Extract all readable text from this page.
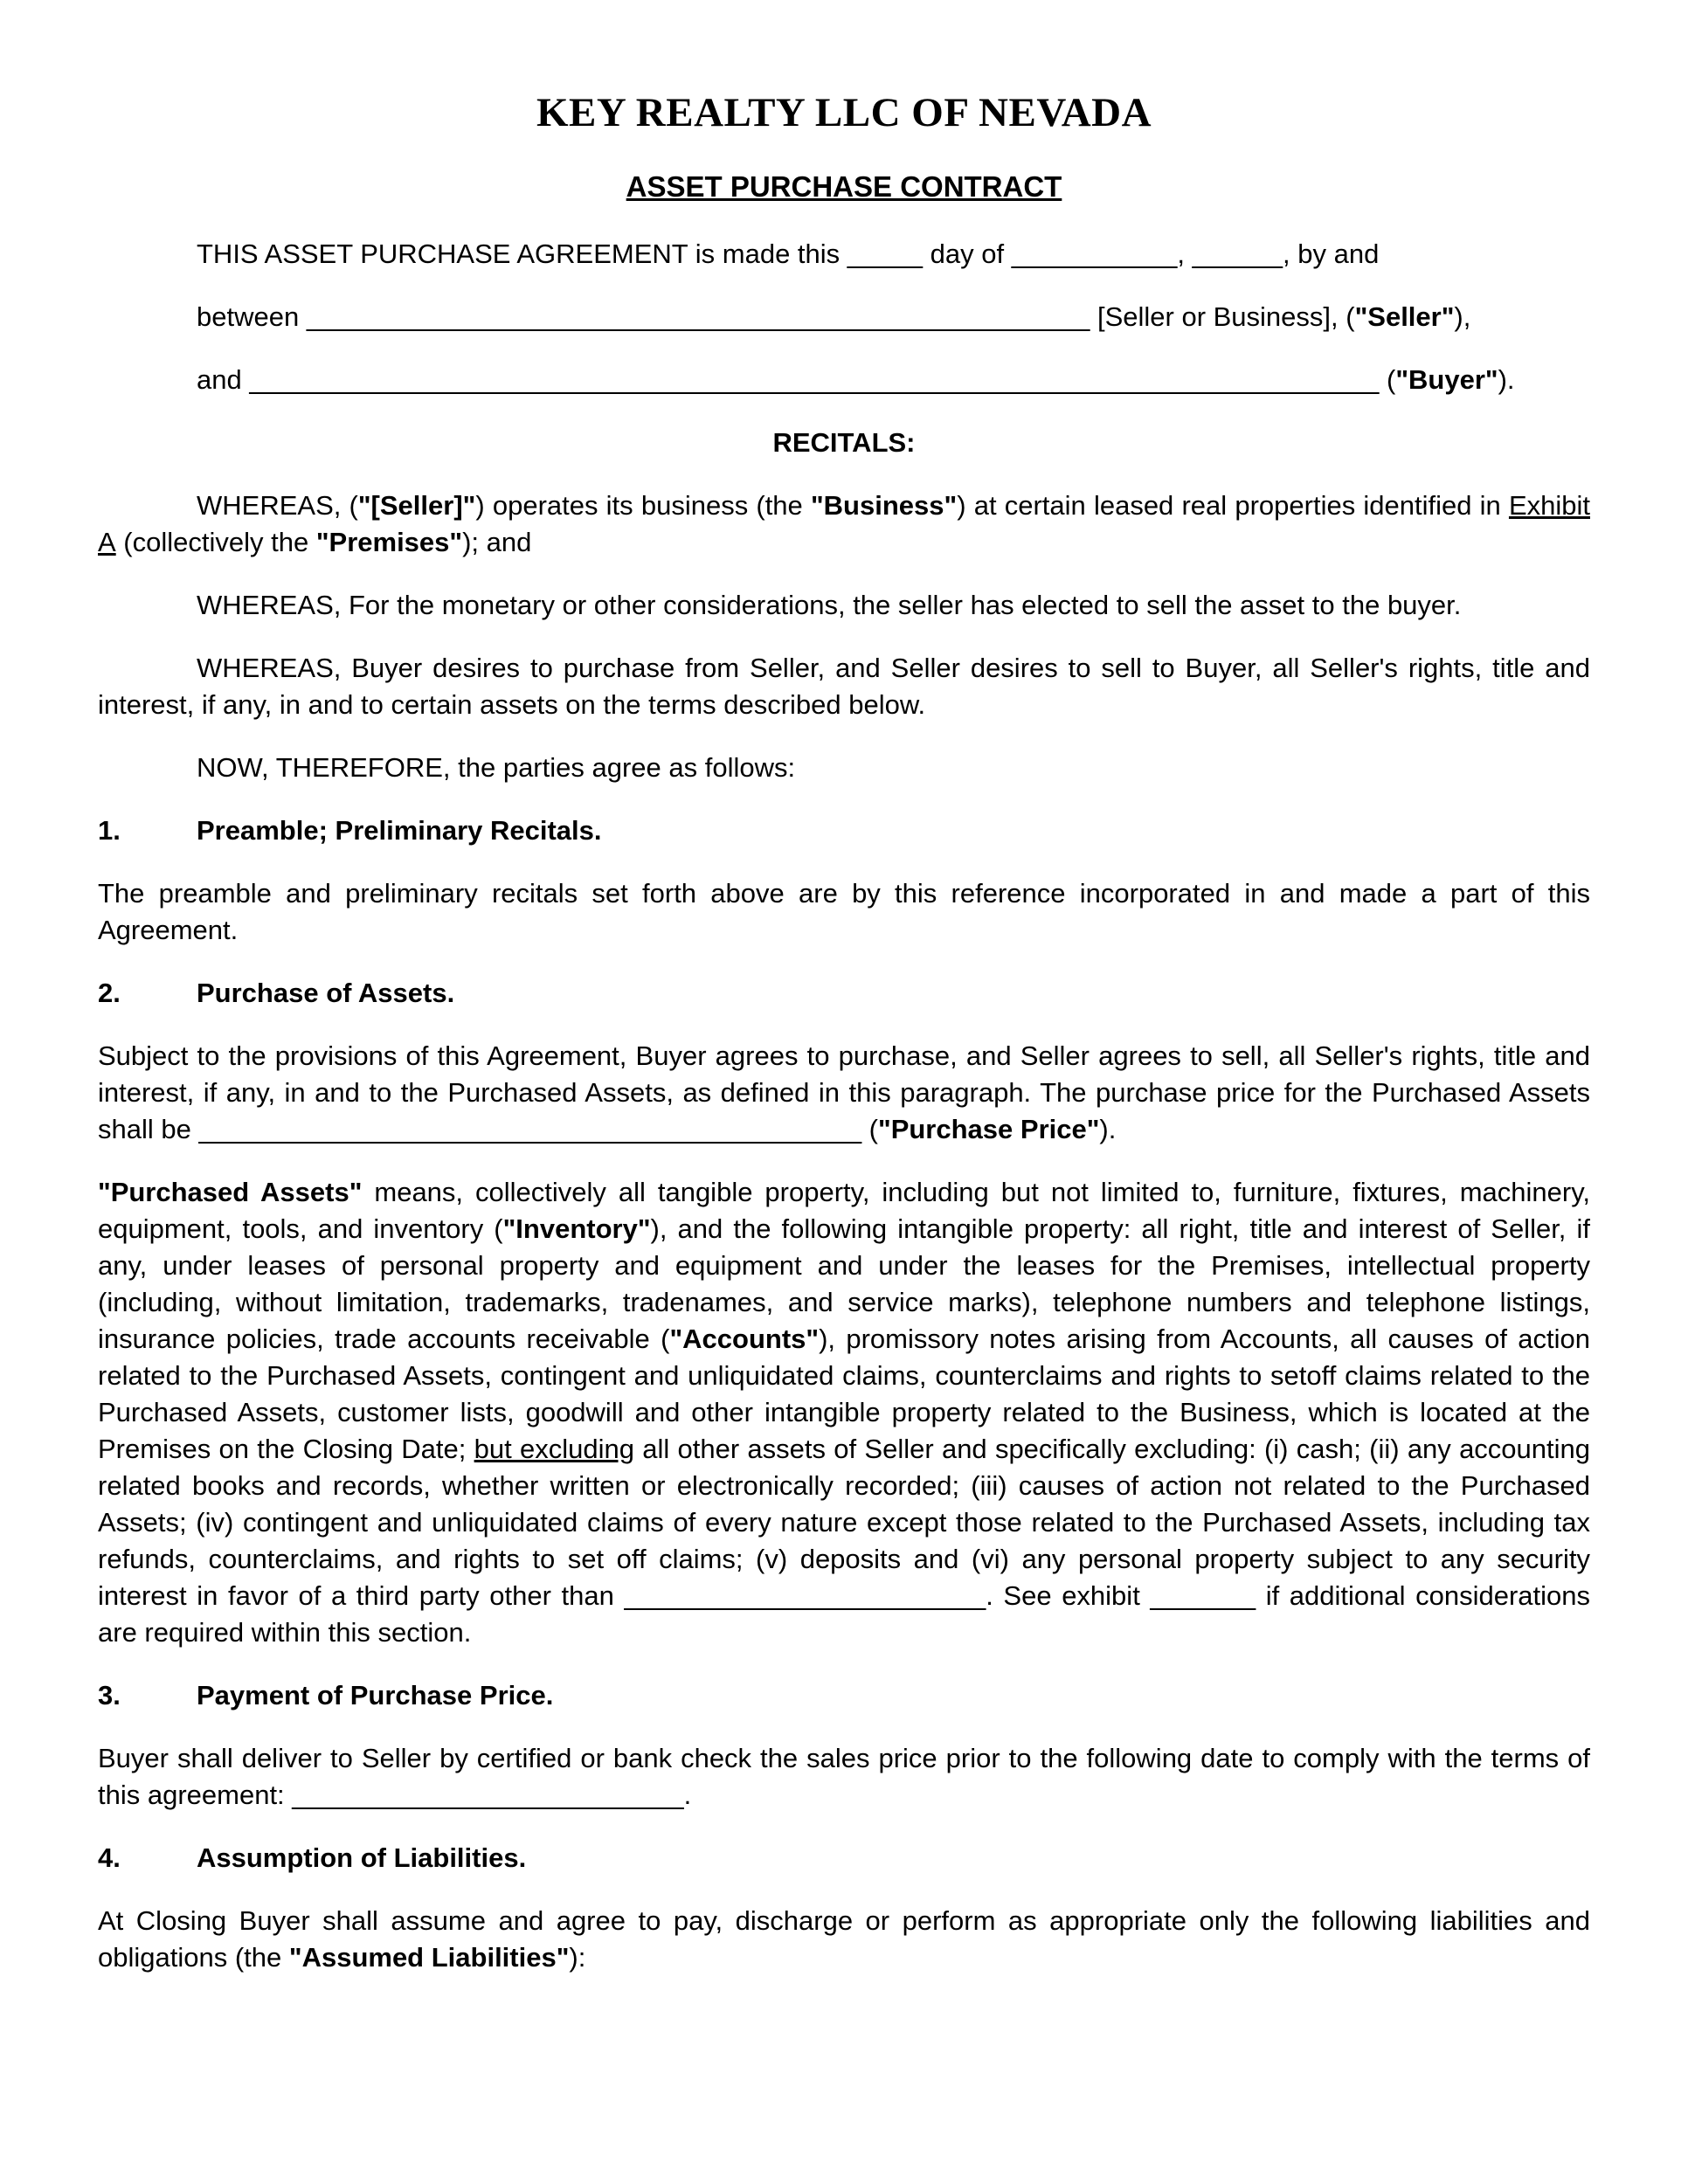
KEY REALTY LLC OF NEVADA
ASSET PURCHASE CONTRACT
THIS ASSET PURCHASE AGREEMENT is made this _____ day of ___________, ______, by and
between ____________________________________________________ [Seller or Business], ("Seller"),
and ___________________________________________________________________________ ("Buyer").
RECITALS:
WHEREAS, ("[Seller]") operates its business (the "Business") at certain leased real properties identified in Exhibit A (collectively the "Premises"); and
WHEREAS, For the monetary or other considerations, the seller has elected to sell the asset to the buyer.
WHEREAS, Buyer desires to purchase from Seller, and Seller desires to sell to Buyer, all Seller's rights, title and interest, if any, in and to certain assets on the terms described below.
NOW, THEREFORE, the parties agree as follows:
1.	Preamble; Preliminary Recitals.
The preamble and preliminary recitals set forth above are by this reference incorporated in and made a part of this Agreement.
2.	Purchase of Assets.
Subject to the provisions of this Agreement, Buyer agrees to purchase, and Seller agrees to sell, all Seller's rights, title and interest, if any, in and to the Purchased Assets, as defined in this paragraph. The purchase price for the Purchased Assets shall be ____________________________________________ ("Purchase Price").
"Purchased Assets" means, collectively all tangible property, including but not limited to, furniture, fixtures, machinery, equipment, tools, and inventory ("Inventory"), and the following intangible property: all right, title and interest of Seller, if any, under leases of personal property and equipment and under the leases for the Premises, intellectual property (including, without limitation, trademarks, tradenames, and service marks), telephone numbers and telephone listings, insurance policies, trade accounts receivable ("Accounts"), promissory notes arising from Accounts, all causes of action related to the Purchased Assets, contingent and unliquidated claims, counterclaims and rights to setoff claims related to the Purchased Assets, customer lists, goodwill and other intangible property related to the Business, which is located at the Premises on the Closing Date; but excluding all other assets of Seller and specifically excluding: (i) cash; (ii) any accounting related books and records, whether written or electronically recorded; (iii) causes of action not related to the Purchased Assets; (iv) contingent and unliquidated claims of every nature except those related to the Purchased Assets, including tax refunds, counterclaims, and rights to set off claims; (v) deposits and (vi) any personal property subject to any security interest in favor of a third party other than ________________________. See exhibit _______ if additional considerations are required within this section.
3.	Payment of Purchase Price.
Buyer shall deliver to Seller by certified or bank check the sales price prior to the following date to comply with the terms of this agreement: __________________________.
4.	Assumption of Liabilities.
At Closing Buyer shall assume and agree to pay, discharge or perform as appropriate only the following liabilities and obligations (the "Assumed Liabilities"):
